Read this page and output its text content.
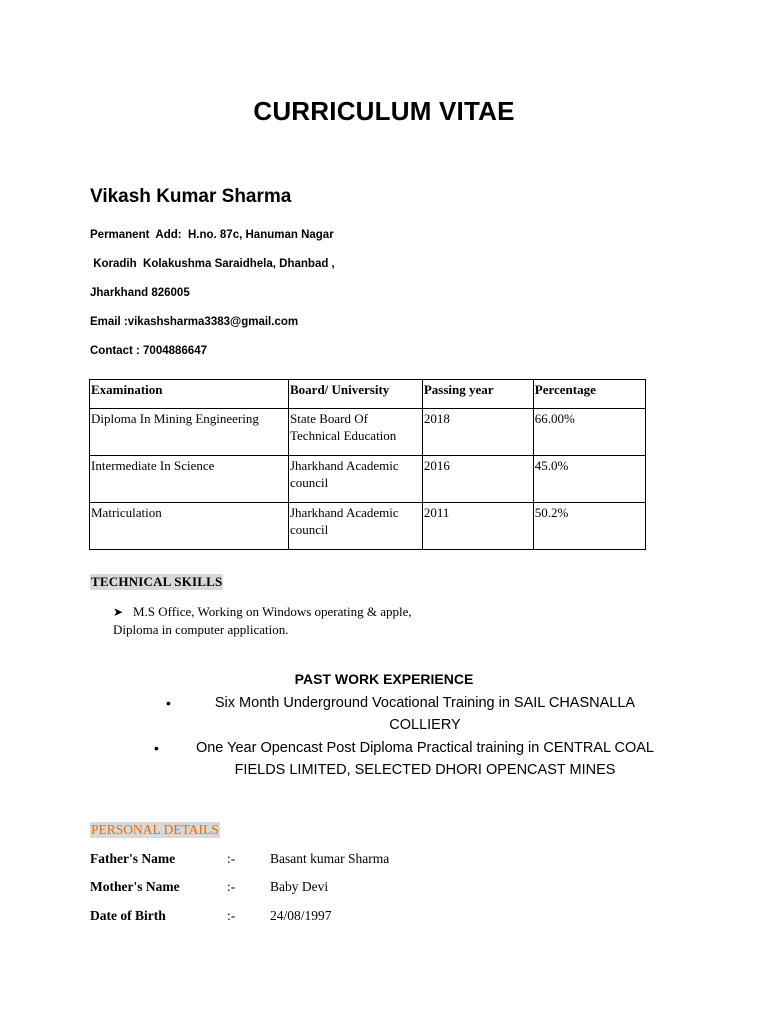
CURRICULUM VITAE
Vikash Kumar Sharma
Permanent  Add:  H.no. 87c, Hanuman Nagar
Koradih  Kolakushma Saraidhela, Dhanbad ,
Jharkhand 826005
Email :vikashsharma3383@gmail.com
Contact : 7004886647
Examination	Board/ University	Passing year	Percentage
Diploma In Mining Engineering	State Board Of Technical Education	2018	66.00%
Intermediate In Science	Jharkhand Academic council	2016	45.0%
Matriculation	Jharkhand Academic council	2011	50.2%
TECHNICAL SKILLS
➤ M.S Office, Working on Windows operating & apple,
Diploma in computer application.
PAST WORK EXPERIENCE
•	Six Month Underground Vocational Training in SAIL CHASNALLA
COLLIERY
•	One Year Opencast Post Diploma Practical training in CENTRAL COAL
FIELDS LIMITED, SELECTED DHORI OPENCAST MINES
PERSONAL DETAILS
Father's Name	:-	Basant kumar Sharma
Mother's Name	:-	Baby Devi
Date of Birth	:-	24/08/1997
